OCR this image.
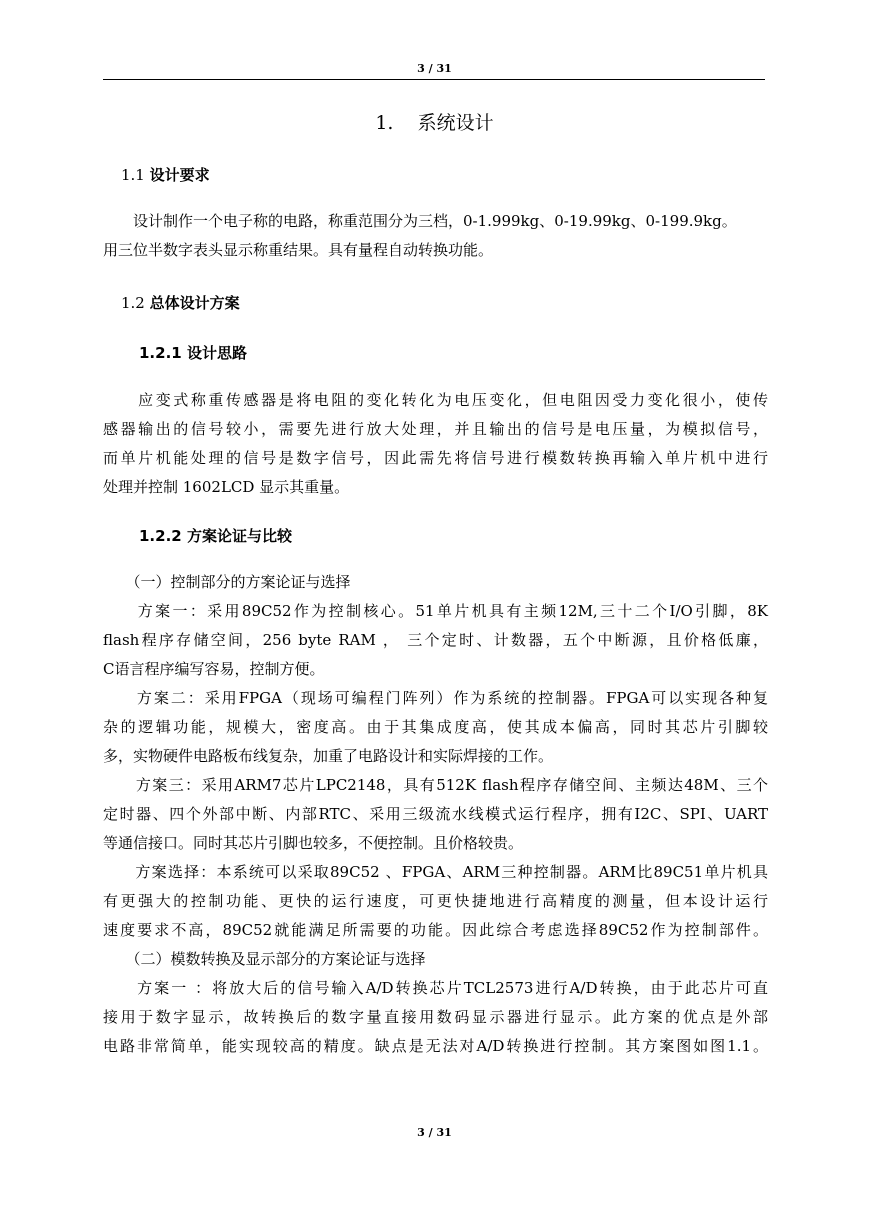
3 / 31
1.    系统设计
1.1 设计要求
　　设计制作一个电子称的电路，称重范围分为三档，0-1.999kg、0-19.99kg、0-199.9kg。
用三位半数字表头显示称重结果。具有量程自动转换功能。
1.2 总体设计方案
1.2.1 设计思路
　　应变式称重传感器是将电阻的变化转化为电压变化，但电阻因受力变化很小，使传
感器输出的信号较小，需要先进行放大处理，并且输出的信号是电压量，为模拟信号，
而单片机能处理的信号是数字信号，因此需先将信号进行模数转换再输入单片机中进行
处理并控制 1602LCD 显示其重量。
1.2.2 方案论证与比较
　　（一）控制部分的方案论证与选择
　　方案一：采用89C52作为控制核心。51单片机具有主频12M,三十二个I/O引脚，8K
flash程序存储空间，256 byte RAM ， 三个定时、计数器，五个中断源，且价格低廉，
C语言程序编写容易，控制方便。
　　方案二：采用FPGA（现场可编程门阵列）作为系统的控制器。FPGA可以实现各种复
杂的逻辑功能，规模大，密度高。由于其集成度高，使其成本偏高，同时其芯片引脚较
多，实物硬件电路板布线复杂，加重了电路设计和实际焊接的工作。
　　方案三：采用ARM7芯片LPC2148，具有512K flash程序存储空间、主频达48M、三个
定时器、四个外部中断、内部RTC、采用三级流水线模式运行程序，拥有I2C、SPI、UART
等通信接口。同时其芯片引脚也较多，不便控制。且价格较贵。
　　方案选择：本系统可以采取89C52 、FPGA、ARM三种控制器。ARM比89C51单片机具
有更强大的控制功能、更快的运行速度，可更快捷地进行高精度的测量，但本设计运行
速度要求不高，89C52就能满足所需要的功能。因此综合考虑选择89C52作为控制部件。
　　（二）模数转换及显示部分的方案论证与选择
　　方案一 ：将放大后的信号输入A/D转换芯片TCL2573进行A/D转换，由于此芯片可直
接用于数字显示，故转换后的数字量直接用数码显示器进行显示。此方案的优点是外部
电路非常简单，能实现较高的精度。缺点是无法对A/D转换进行控制。其方案图如图1.1。
3 / 31
